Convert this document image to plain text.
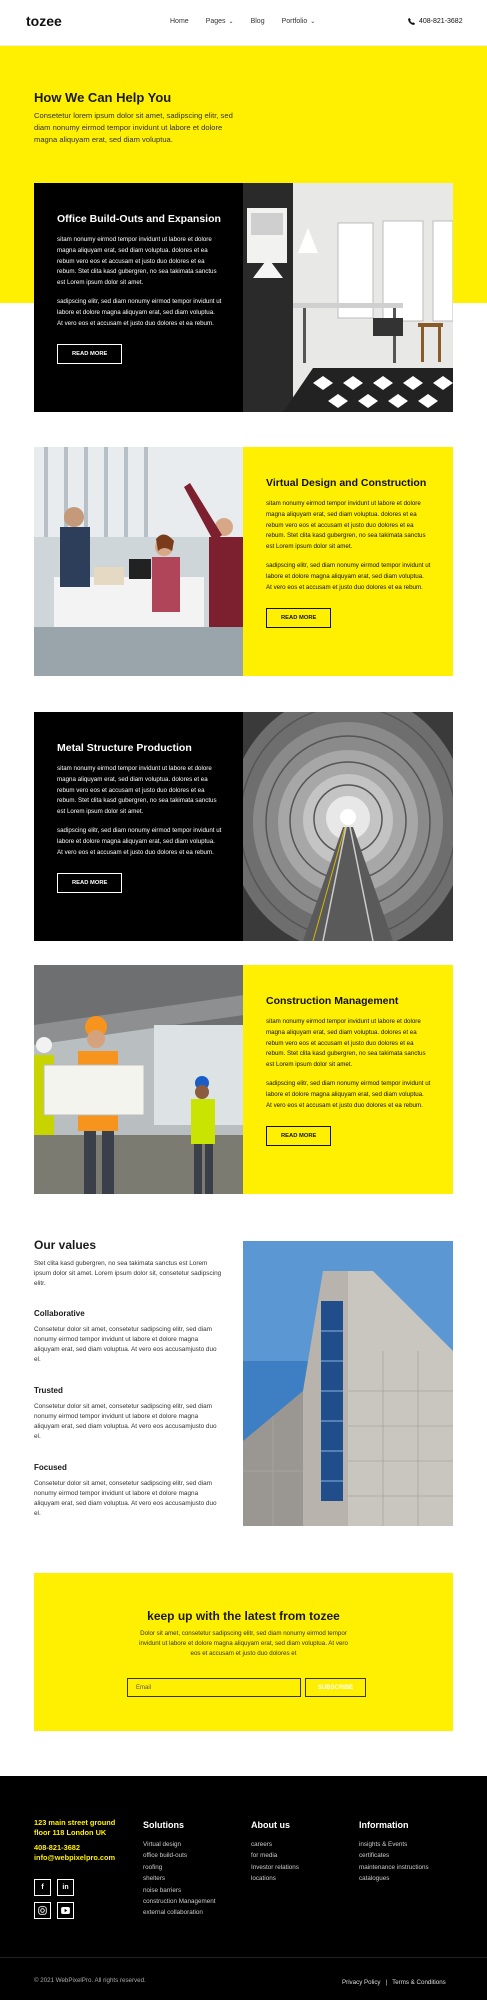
tozee	Home Pages ⌄ Blog Portfolio ⌄	408-821-3682
How We Can Help You

Consetetur lorem ipsum dolor sit amet, sadipscing elitr, sed diam nonumy eirmod tempor invidunt ut labore et dolore magna aliquyam erat, sed diam voluptua.

Office Build-Outs and Expansion

sitam nonumy eirmod tempor invidunt ut labore et dolore magna aliquyam erat, sed diam voluptua. dolores et ea rebum vero eos et accusam et justo duo dolores et ea rebum. Stet clita kasd gubergren, no sea takimata sanctus est Lorem ipsum dolor sit amet.

sadipscing elitr, sed diam nonumy eirmod tempor invidunt ut labore et dolore magna aliquyam erat, sed diam voluptua. At vero eos et accusam et justo duo dolores et ea rebum.

READ MORE
Virtual Design and Construction

sitam nonumy eirmod tempor invidunt ut labore et dolore magna aliquyam erat, sed diam voluptua. dolores et ea rebum vero eos et accusam et justo duo dolores et ea rebum. Stet clita kasd gubergren, no sea takimata sanctus est Lorem ipsum dolor sit amet.

sadipscing elitr, sed diam nonumy eirmod tempor invidunt ut labore et dolore magna aliquyam erat, sed diam voluptua. At vero eos et accusam et justo duo dolores et ea rebum.

READ MORE
Metal Structure Production

sitam nonumy eirmod tempor invidunt ut labore et dolore magna aliquyam erat, sed diam voluptua. dolores et ea rebum vero eos et accusam et justo duo dolores et ea rebum. Stet clita kasd gubergren, no sea takimata sanctus est Lorem ipsum dolor sit amet.

sadipscing elitr, sed diam nonumy eirmod tempor invidunt ut labore et dolore magna aliquyam erat, sed diam voluptua. At vero eos et accusam et justo duo dolores et ea rebum.

READ MORE
Construction Management

sitam nonumy eirmod tempor invidunt ut labore et dolore magna aliquyam erat, sed diam voluptua. dolores et ea rebum vero eos et accusam et justo duo dolores et ea rebum. Stet clita kasd gubergren, no sea takimata sanctus est Lorem ipsum dolor sit amet.

sadipscing elitr, sed diam nonumy eirmod tempor invidunt ut labore et dolore magna aliquyam erat, sed diam voluptua. At vero eos et accusam et justo duo dolores et ea rebum.

READ MORE
Our values

Stet clita kasd gubergren, no sea takimata sanctus est Lorem ipsum dolor sit amet. Lorem ipsum dolor sit, consetetur sadipscing elitr.

Collaborative

Consetetur dolor sit amet, consetetur sadipscing elitr, sed diam nonumy eirmod tempor invidunt ut labore et dolore magna aliquyam erat, sed diam voluptua. At vero eos accusamjusto duo el.

Trusted

Consetetur dolor sit amet, consetetur sadipscing elitr, sed diam nonumy eirmod tempor invidunt ut labore et dolore magna aliquyam erat, sed diam voluptua. At vero eos accusamjusto duo el.

Focused

Consetetur dolor sit amet, consetetur sadipscing elitr, sed diam nonumy eirmod tempor invidunt ut labore et dolore magna aliquyam erat, sed diam voluptua. At vero eos accusamjusto duo el.

keep up with the latest from tozee

Dolor sit amet, consetetur sadipscing elitr, sed diam nonumy eirmod tempor invidunt ut labore et dolore magna aliquyam erat, sed diam voluptua. At vero eos et accusam et justo duo dolores et

Email	SUBSCRIBE
123 main street ground
floor 118 London UK
408-821-3682
info@webpixelpro.com
f	in
Solutions
Virtual design
office build-outs
roofing
shelters
noise barriers
construction Management
external collaboration
About us
careers
for media
Investor relations
locations
Information
insights & Events
certificates
maintenance instructions
catalogues
© 2021 WebPixelPro. All rights reserved.	Privacy Policy | Terms & Conditions
